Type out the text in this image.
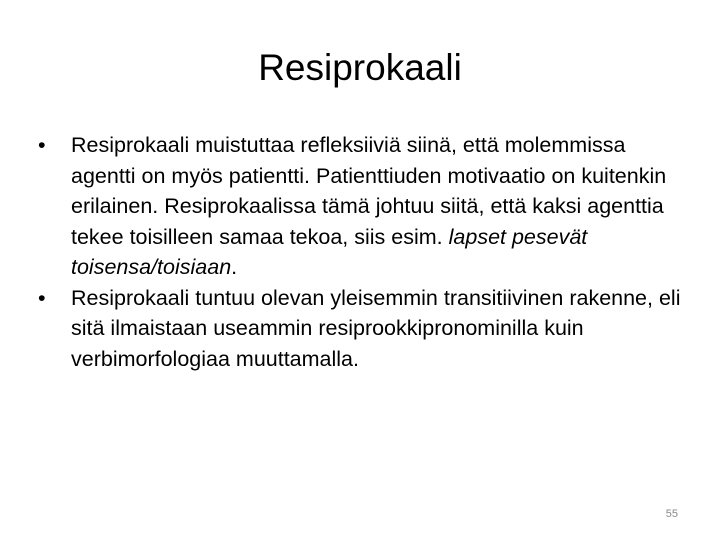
Resiprokaali
•	Resiprokaali muistuttaa refleksiiviä siinä, että molemmissa agentti on myös patientti. Patienttiuden motivaatio on kuitenkin erilainen. Resiprokaalissa tämä johtuu siitä, että kaksi agenttia tekee toisilleen samaa tekoa, siis esim. lapset pesevät toisensa/toisiaan.
•	Resiprokaali tuntuu olevan yleisemmin transitiivinen rakenne, eli sitä ilmaistaan useammin resiprookkipronominilla kuin verbimorfologiaa muuttamalla.
55
